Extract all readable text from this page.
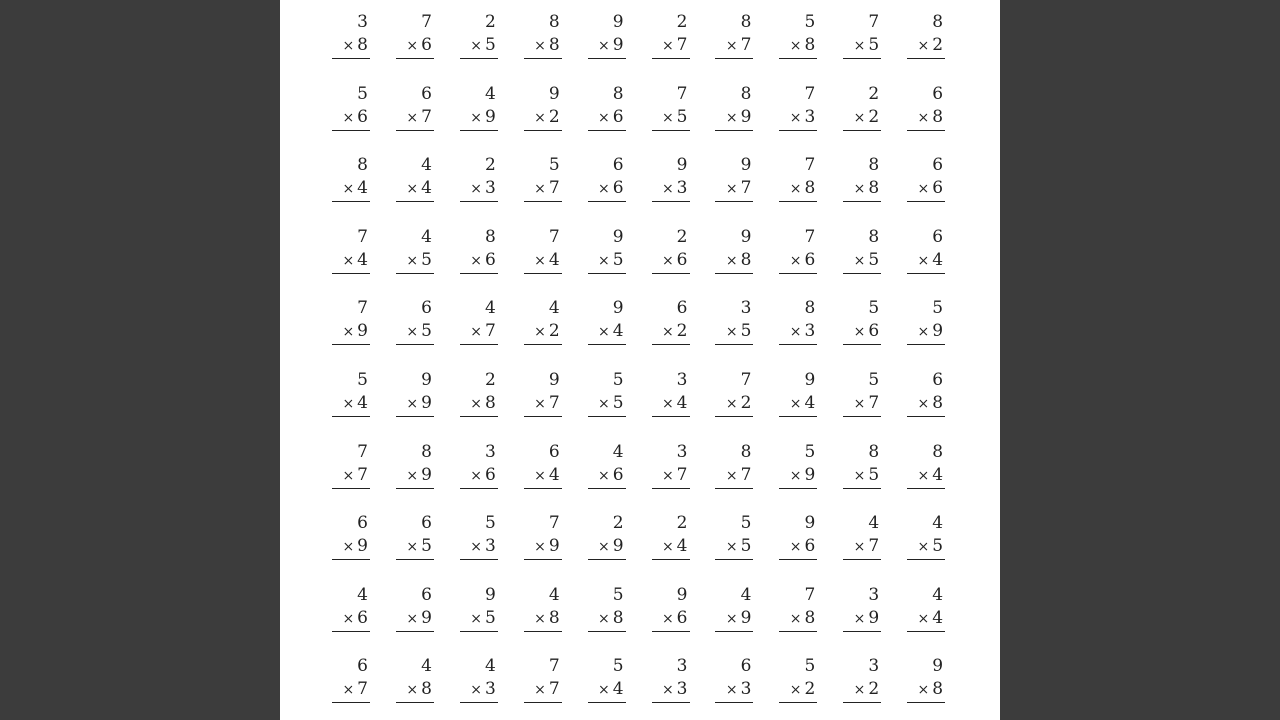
3
× 8
7
× 6
2
× 5
8
× 8
9
× 9
2
× 7
8
× 7
5
× 8
7
× 5
8
× 2
5
× 6
6
× 7
4
× 9
9
× 2
8
× 6
7
× 5
8
× 9
7
× 3
2
× 2
6
× 8
8
× 4
4
× 4
2
× 3
5
× 7
6
× 6
9
× 3
9
× 7
7
× 8
8
× 8
6
× 6
7
× 4
4
× 5
8
× 6
7
× 4
9
× 5
2
× 6
9
× 8
7
× 6
8
× 5
6
× 4
7
× 9
6
× 5
4
× 7
4
× 2
9
× 4
6
× 2
3
× 5
8
× 3
5
× 6
5
× 9
5
× 4
9
× 9
2
× 8
9
× 7
5
× 5
3
× 4
7
× 2
9
× 4
5
× 7
6
× 8
7
× 7
8
× 9
3
× 6
6
× 4
4
× 6
3
× 7
8
× 7
5
× 9
8
× 5
8
× 4
6
× 9
6
× 5
5
× 3
7
× 9
2
× 9
2
× 4
5
× 5
9
× 6
4
× 7
4
× 5
4
× 6
6
× 9
9
× 5
4
× 8
5
× 8
9
× 6
4
× 9
7
× 8
3
× 9
4
× 4
6
× 7
4
× 8
4
× 3
7
× 7
5
× 4
3
× 3
6
× 3
5
× 2
3
× 2
9
× 8
